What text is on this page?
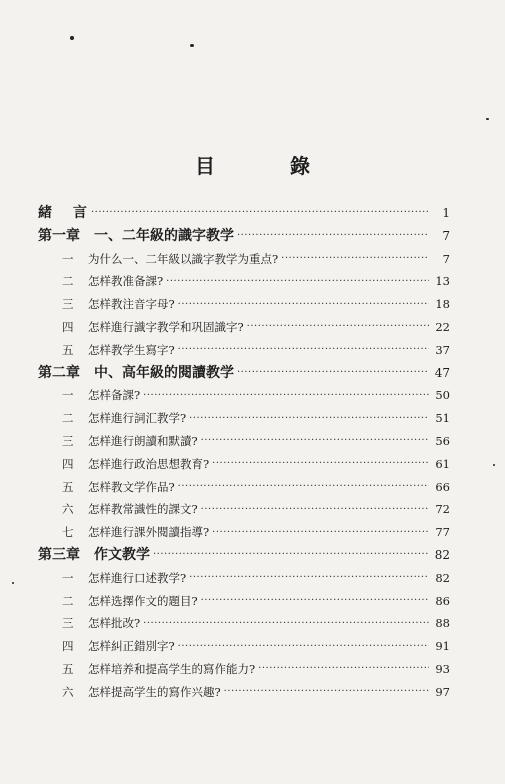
目 錄
緒 言 ·····	1
第一章	一、二年級的識字教学 ·····	7
一	为什么一、二年級以識字教学为重点? ·····	7
二	怎样教准备課? ·····	13
三	怎样教注音字母? ·····	18
四	怎样進行識字教学和巩固識字? ·····	22
五	怎样教学生寫字? ·····	37
第二章	中、高年級的閱讀教学 ·····	47
一	怎样备課? ·····	50
二	怎样進行詞汇教学? ·····	51
三	怎样進行朗讀和默讀? ·····	56
四	怎样進行政治思想教育? ·····	61
五	怎样教文学作品? ·····	66
六	怎样教常識性的課文? ·····	72
七	怎样進行課外閱讀指導? ·····	77
第三章	作文教学 ·····	82
一	怎样進行口述教学? ·····	82
二	怎样选擇作文的題目? ·····	86
三	怎样批改? ·····	88
四	怎样糾正錯別字? ·····	91
五	怎样培养和提高学生的寫作能力? ·····	93
六	怎样提高学生的寫作兴趣? ·····	97
